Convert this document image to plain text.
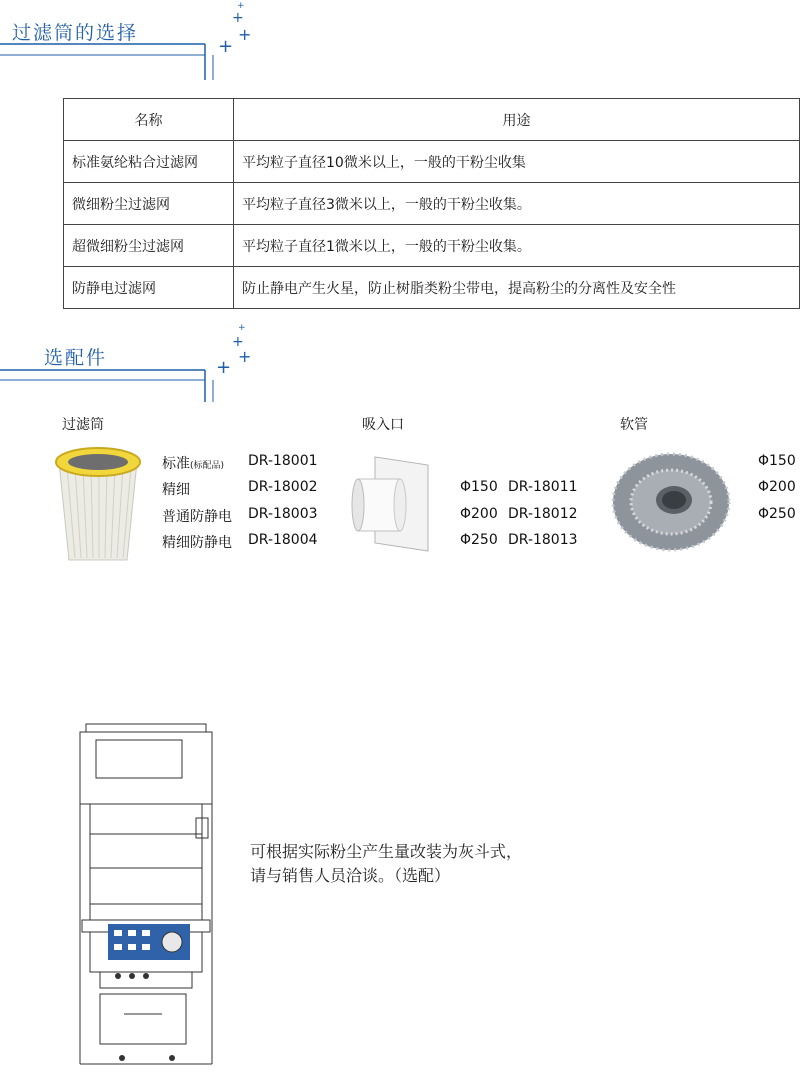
过滤筒的选择
+
+
+
+
名称	用途
标准氨纶粘合过滤网	平均粒子直径10微米以上，一般的干粉尘收集
微细粉尘过滤网	平均粒子直径3微米以上，一般的干粉尘收集。
超微细粉尘过滤网	平均粒子直径1微米以上，一般的干粉尘收集。
防静电过滤网	防止静电产生火星，防止树脂类粉尘带电，提高粉尘的分离性及安全性
选配件
+
+
+
+
过滤筒	吸入口	软管
标准(标配品) DR-18001
精细	DR-18002
普通防静电 DR-18003
精细防静电 DR-18004
Φ150 DR-18011
Φ200 DR-18012
Φ250 DR-18013
Φ150
Φ200
Φ250
可根据实际粉尘产生量改装为灰斗式，
请与销售人员洽谈。（选配）
